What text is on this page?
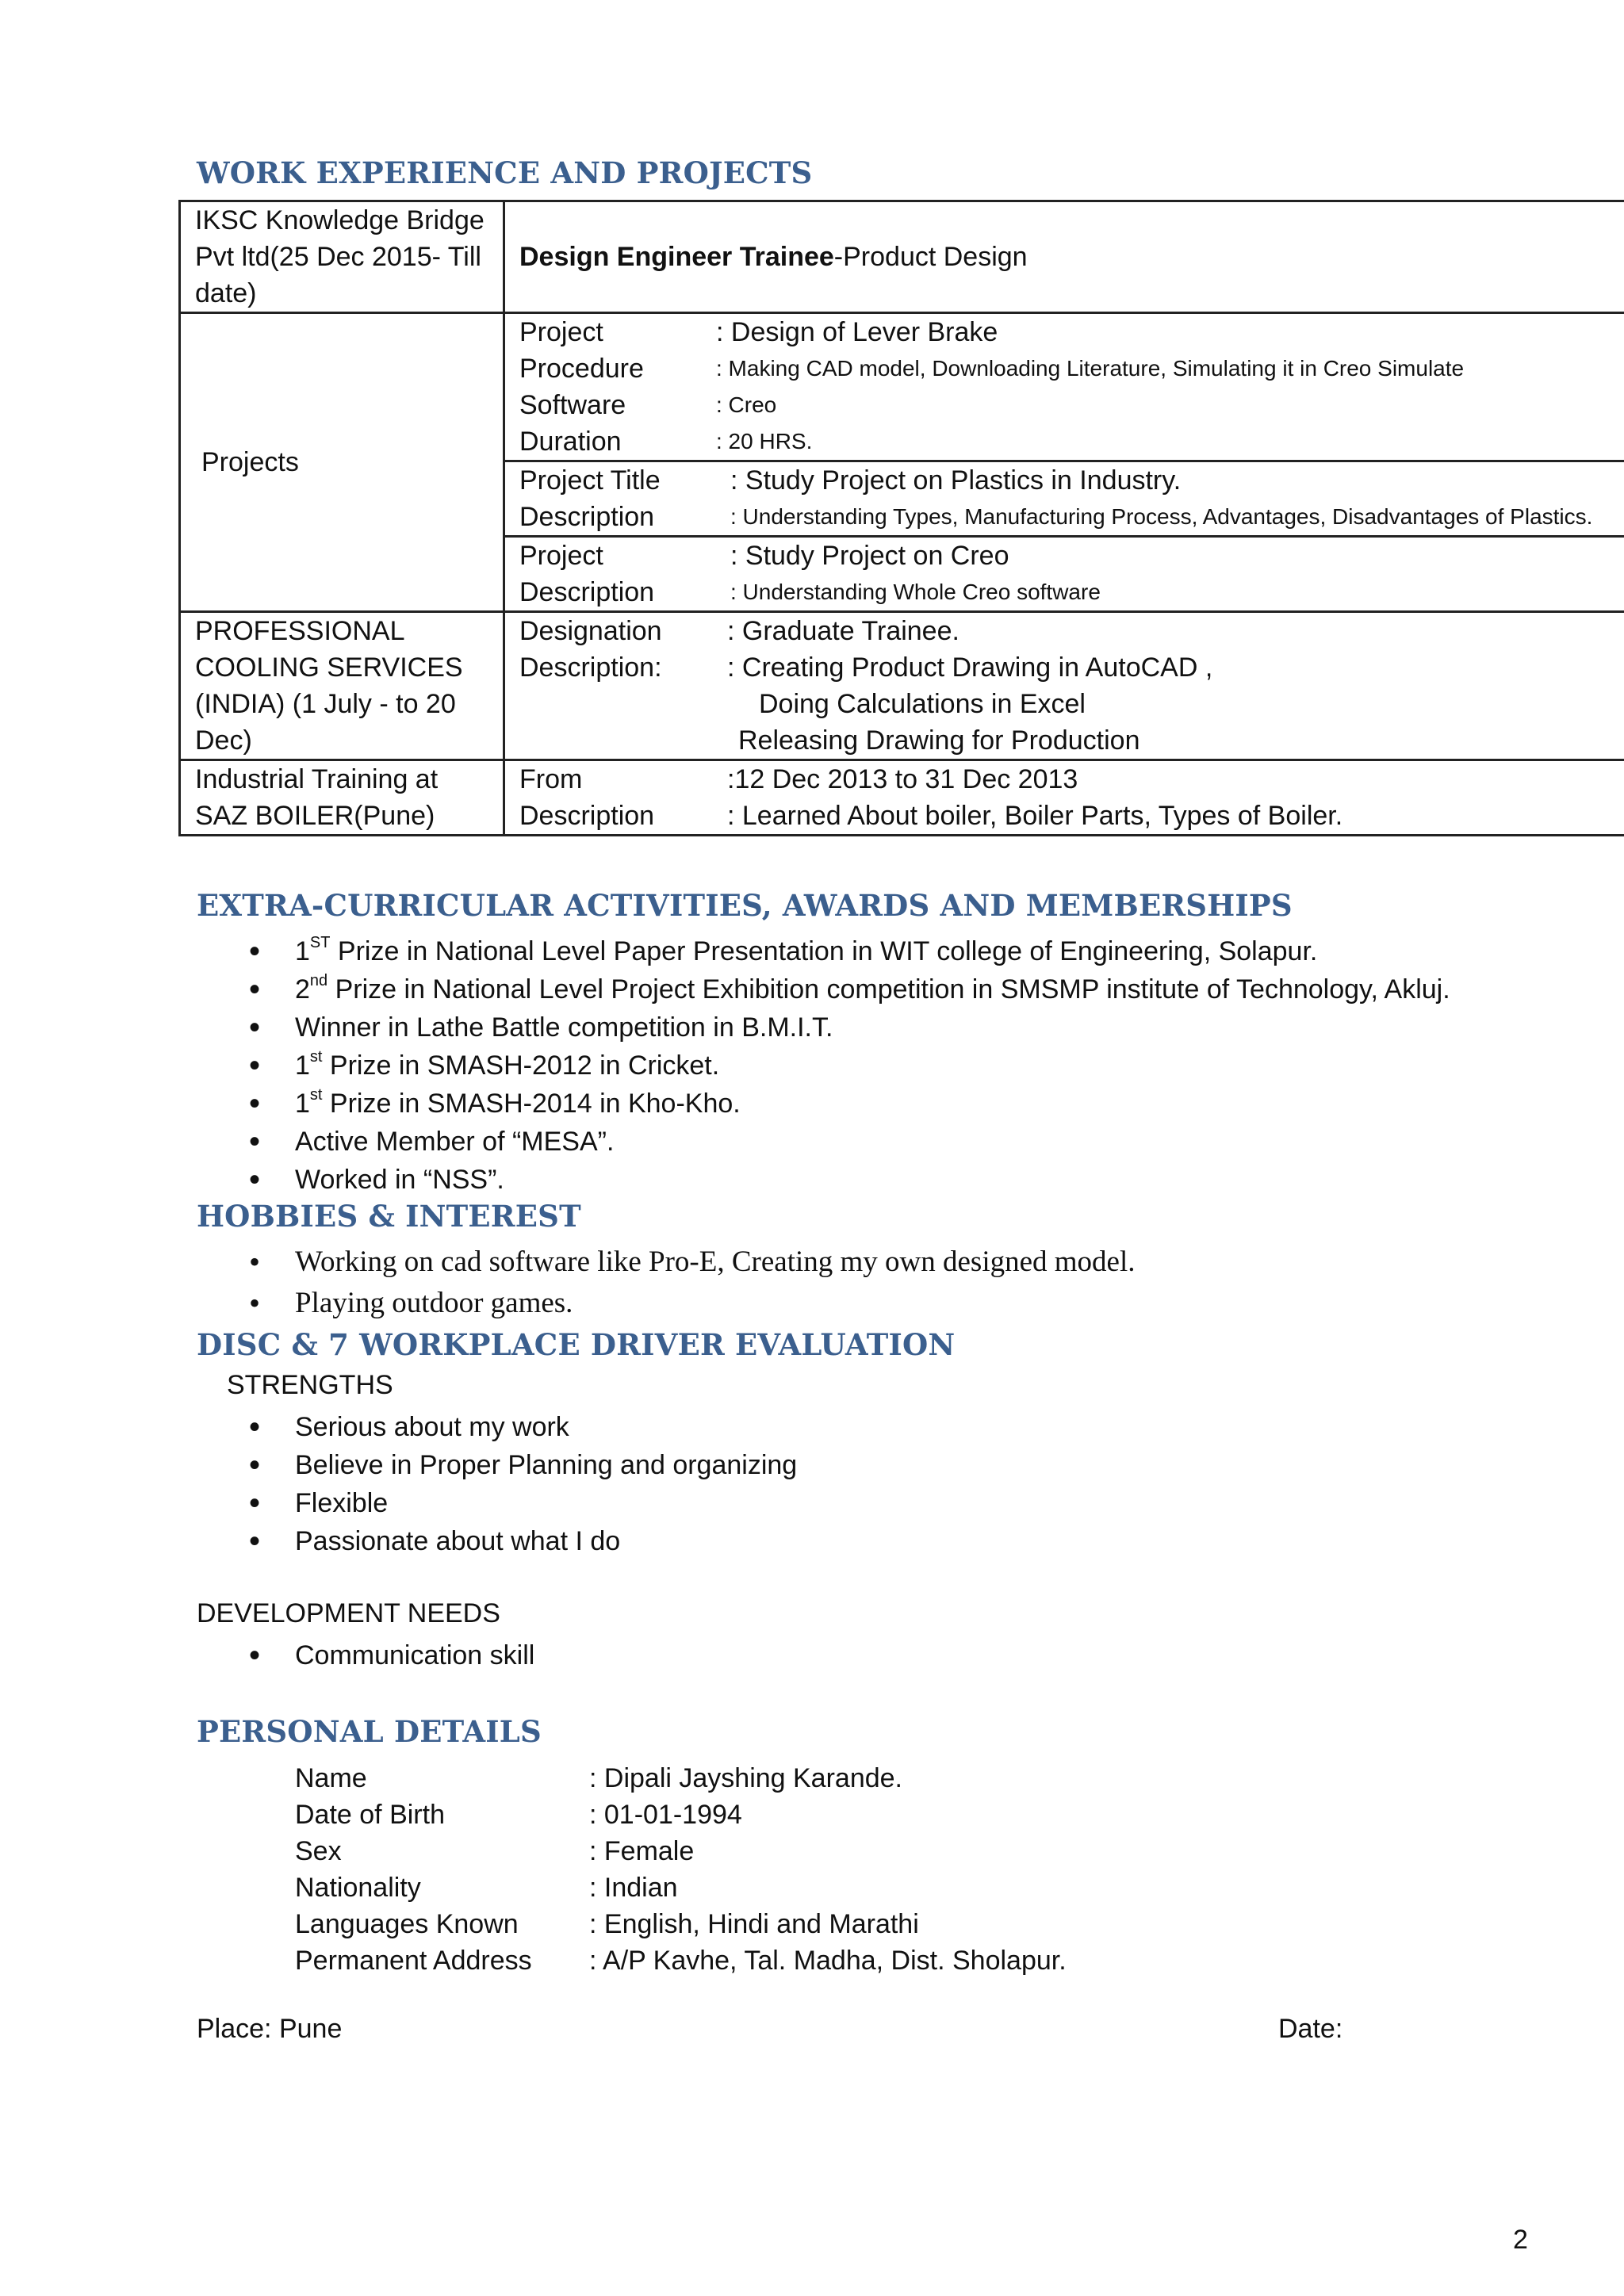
WORK EXPERIENCE AND PROJECTS
IKSC Knowledge Bridge Pvt ltd(25 Dec 2015- Till date)	Design Engineer Trainee-Product Design
Projects	
Project	: Design of Lever Brake
Procedure	: Making CAD model, Downloading Literature, Simulating it in Creo Simulate
Software	: Creo
Duration	: 20 HRS.
Project Title	: Study Project on Plastics in Industry.
Description	: Understanding Types, Manufacturing Process, Advantages, Disadvantages of Plastics.
Project	: Study Project on Creo
Description	: Understanding Whole Creo software

PROFESSIONAL COOLING SERVICES (INDIA) (1 July - to 20 Dec)	
Designation	: Graduate Trainee.
Description:	: Creating Product Drawing in AutoCAD ,
	Doing Calculations in Excel
	Releasing Drawing for Production

Industrial Training at SAZ BOILER(Pune)	
From	:12 Dec 2013 to 31 Dec 2013
Description	: Learned About boiler, Boiler Parts, Types of Boiler.
EXTRA-CURRICULAR ACTIVITIES, AWARDS AND MEMBERSHIPS
• 1ST Prize in National Level Paper Presentation in WIT college of Engineering, Solapur.
• 2nd Prize in National Level Project Exhibition competition in SMSMP institute of Technology, Akluj.
• Winner in Lathe Battle competition in B.M.I.T.
• 1st Prize in SMASH-2012 in Cricket.
• 1st Prize in SMASH-2014 in Kho-Kho.
• Active Member of “MESA”.
• Worked in “NSS”.
HOBBIES & INTEREST
• Working on cad software like Pro-E, Creating my own designed model.
• Playing outdoor games.
DISC & 7 WORKPLACE DRIVER EVALUATION

STRENGTHS

• Serious about my work
• Believe in Proper Planning and organizing
• Flexible
• Passionate about what I do

DEVELOPMENT NEEDS

• Communication skill
PERSONAL DETAILS
Name	: Dipali Jayshing Karande.
Date of Birth	: 01-01-1994
Sex	: Female
Nationality	: Indian
Languages Known	: English, Hindi and Marathi
Permanent Address	: A/P Kavhe, Tal. Madha, Dist. Sholapur.

Place: Pune	Date:

2
